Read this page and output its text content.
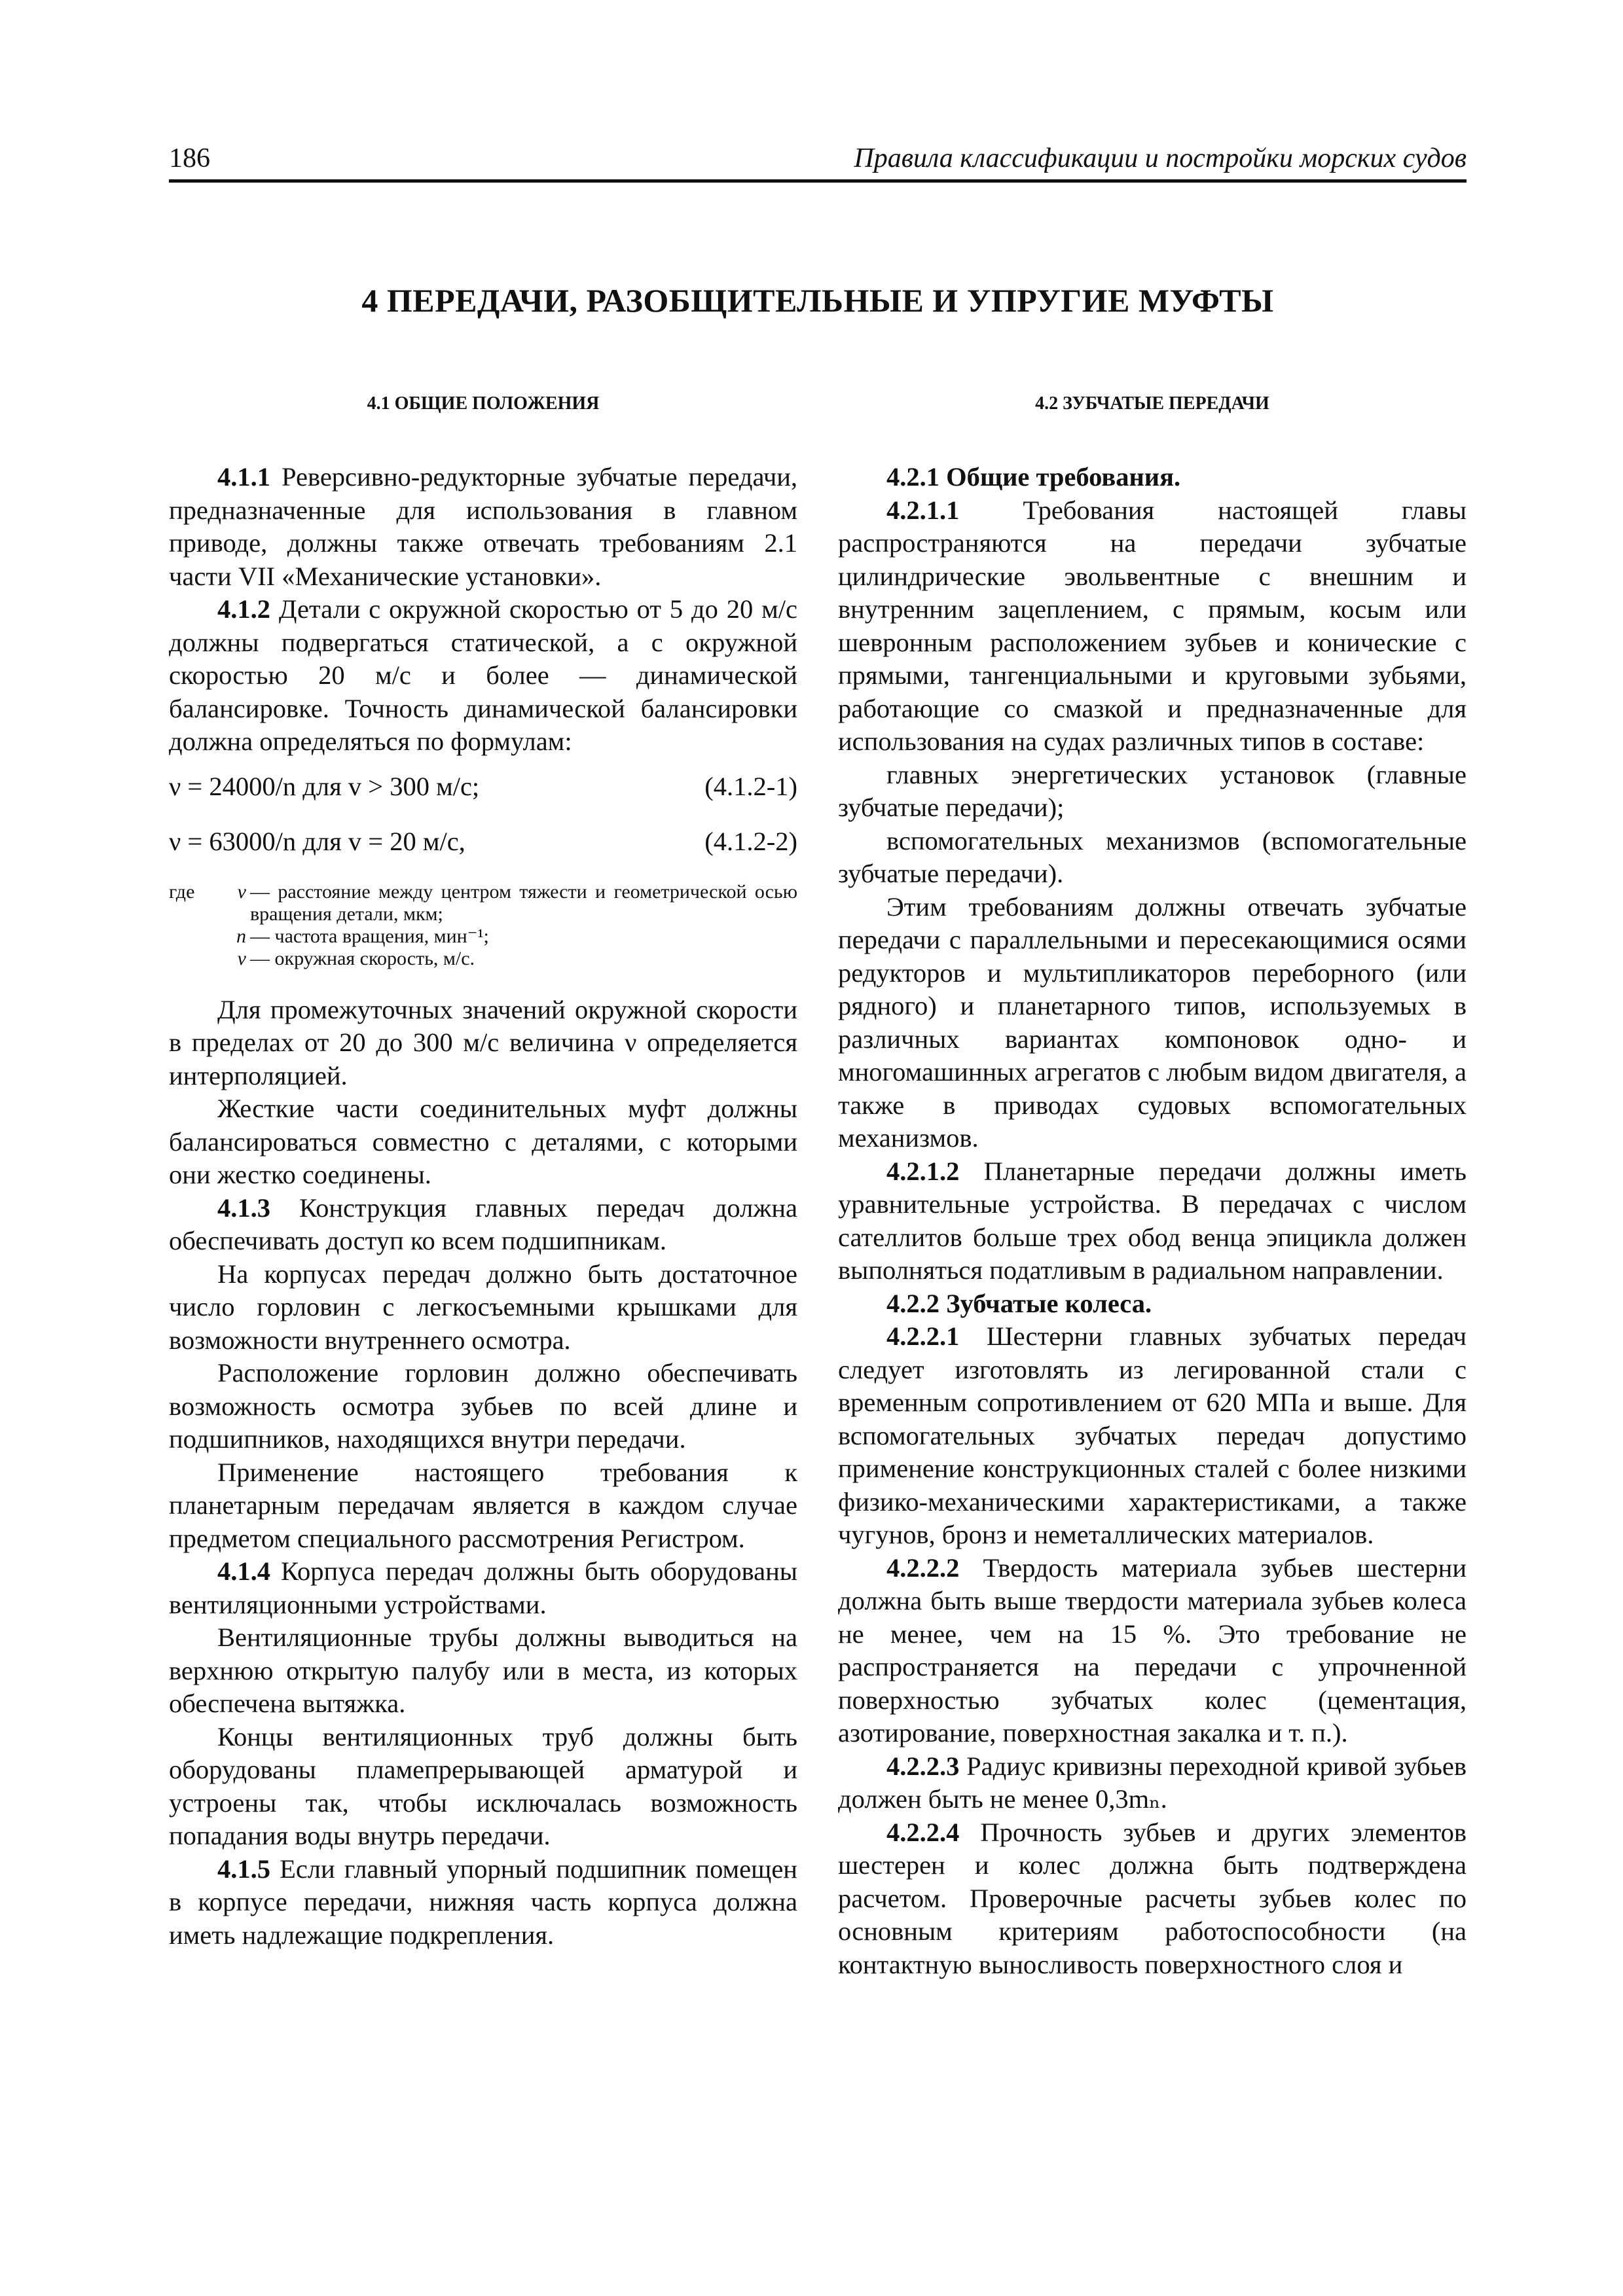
186	Правила классификации и постройки морских судов
4 ПЕРЕДАЧИ, РАЗОБЩИТЕЛЬНЫЕ И УПРУГИЕ МУФТЫ
4.1 ОБЩИЕ ПОЛОЖЕНИЯ

4.1.1 Реверсивно-редукторные зубчатые передачи, предназначенные для использования в главном приводе, должны также отвечать требованиям 2.1 части VII «Механические установки».

4.1.2 Детали с окружной скоростью от 5 до 20 м/с должны подвергаться статической, а с окружной скоростью 20 м/с и более — динамической балансировке. Точность динамической балансировки должна определяться по формулам:

ν = 24000/n для v > 300 м/с;	(4.1.2-1)
ν = 63000/n для v = 20 м/с,	(4.1.2-2)
где	ν — расстояние между центром тяжести и геометрической осью вращения детали, мкм;
n — частота вращения, мин⁻¹;
v — окружная скорость, м/с.

Для промежуточных значений окружной скорости в пределах от 20 до 300 м/с величина ν определяется интерполяцией.

Жесткие части соединительных муфт должны балансироваться совместно с деталями, с которыми они жестко соединены.

4.1.3 Конструкция главных передач должна обеспечивать доступ ко всем подшипникам.

На корпусах передач должно быть достаточное число горловин с легкосъемными крышками для возможности внутреннего осмотра.

Расположение горловин должно обеспечивать возможность осмотра зубьев по всей длине и подшипников, находящихся внутри передачи.

Применение настоящего требования к планетарным передачам является в каждом случае предметом специального рассмотрения Регистром.

4.1.4 Корпуса передач должны быть оборудованы вентиляционными устройствами.

Вентиляционные трубы должны выводиться на верхнюю открытую палубу или в места, из которых обеспечена вытяжка.

Концы вентиляционных труб должны быть оборудованы пламепрерывающей арматурой и устроены так, чтобы исключалась возможность попадания воды внутрь передачи.

4.1.5 Если главный упорный подшипник помещен в корпусе передачи, нижняя часть корпуса должна иметь надлежащие подкрепления.

4.2 ЗУБЧАТЫЕ ПЕРЕДАЧИ

4.2.1 Общие требования.

4.2.1.1 Требования настоящей главы распространяются на передачи зубчатые цилиндрические эвольвентные с внешним и внутренним зацеплением, с прямым, косым или шевронным расположением зубьев и конические с прямыми, тангенциальными и круговыми зубьями, работающие со смазкой и предназначенные для использования на судах различных типов в составе:

главных энергетических установок (главные зубчатые передачи);

вспомогательных механизмов (вспомогательные зубчатые передачи).

Этим требованиям должны отвечать зубчатые передачи с параллельными и пересекающимися осями редукторов и мультипликаторов переборного (или рядного) и планетарного типов, используемых в различных вариантах компоновок одно- и многомашинных агрегатов с любым видом двигателя, а также в приводах судовых вспомогательных механизмов.

4.2.1.2 Планетарные передачи должны иметь уравнительные устройства. В передачах с числом сателлитов больше трех обод венца эпицикла должен выполняться податливым в радиальном направлении.

4.2.2 Зубчатые колеса.

4.2.2.1 Шестерни главных зубчатых передач следует изготовлять из легированной стали с временным сопротивлением от 620 МПа и выше. Для вспомогательных зубчатых передач допустимо применение конструкционных сталей с более низкими физико-механическими характеристиками, а также чугунов, бронз и неметаллических материалов.

4.2.2.2 Твердость материала зубьев шестерни должна быть выше твердости материала зубьев колеса не менее, чем на 15 %. Это требование не распространяется на передачи с упрочненной поверхностью зубчатых колес (цементация, азотирование, поверхностная закалка и т. п.).

4.2.2.3 Радиус кривизны переходной кривой зубьев должен быть не менее 0,3mₙ.

4.2.2.4 Прочность зубьев и других элементов шестерен и колес должна быть подтверждена расчетом. Проверочные расчеты зубьев колес по основным критериям работоспособности (на контактную выносливость поверхностного слоя и
